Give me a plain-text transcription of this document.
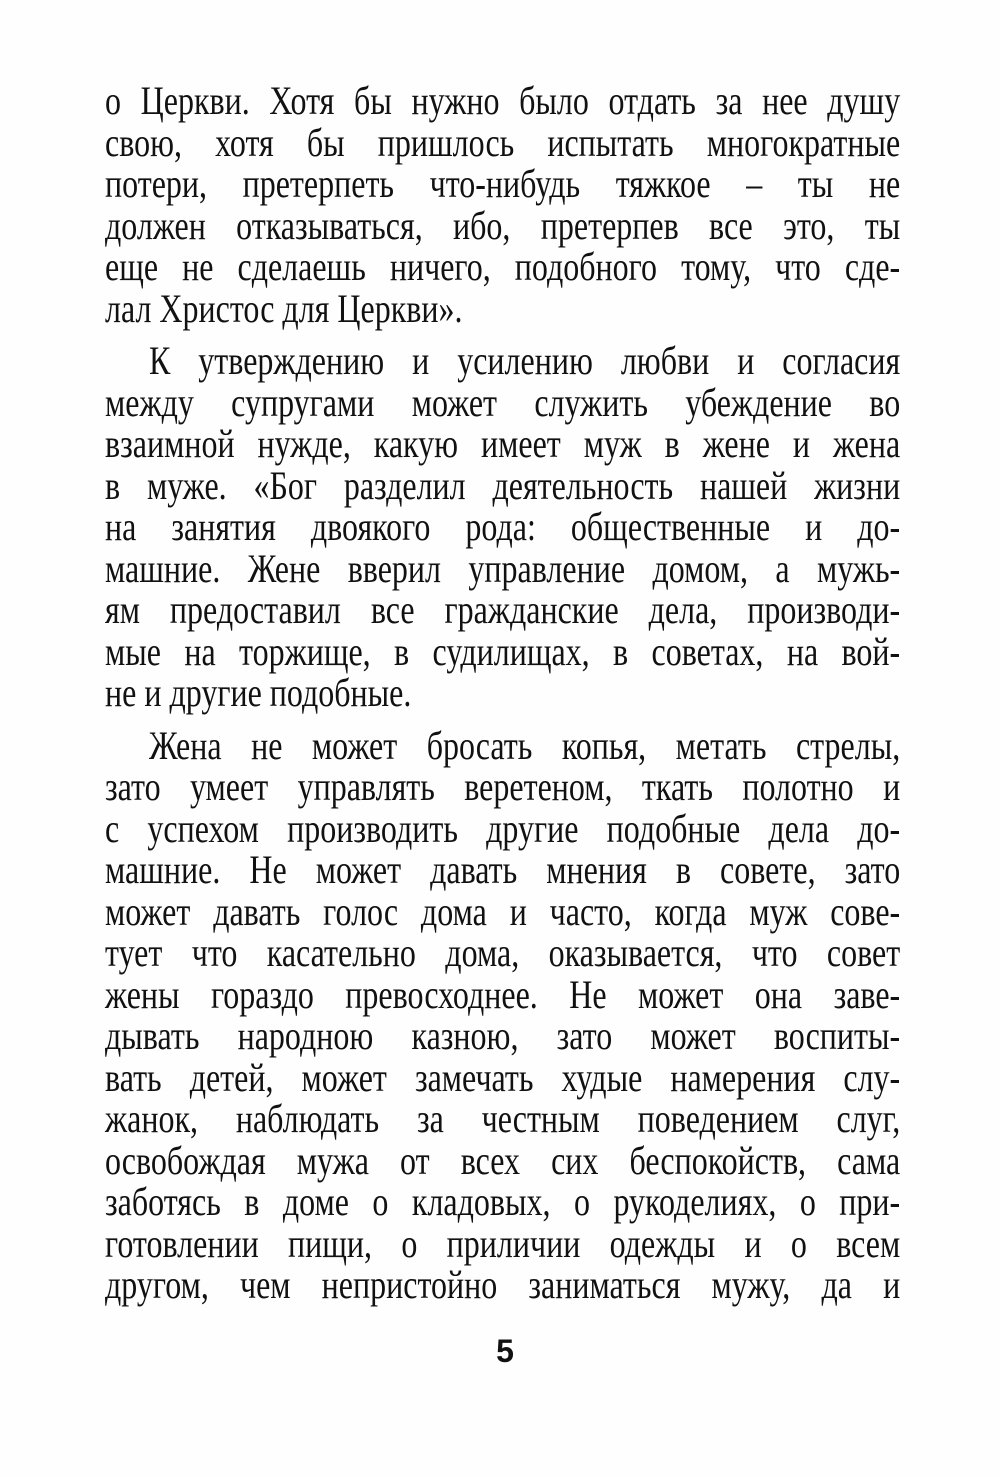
о Церкви. Хотя бы нужно было отдать за нее душу
свою, хотя бы пришлось испытать многократные
потери, претерпеть что-нибудь тяжкое – ты не
должен отказываться, ибо, претерпев все это, ты
еще не сделаешь ничего, подобного тому, что сде-
лал Христос для Церкви».
К утверждению и усилению любви и согласия
между супругами может служить убеждение во
взаимной нужде, какую имеет муж в жене и жена
в муже. «Бог разделил деятельность нашей жизни
на занятия двоякого рода: общественные и до-
машние. Жене вверил управление домом, а мужь-
ям предоставил все гражданские дела, производи-
мые на торжище, в судилищах, в советах, на вой-
не и другие подобные.
Жена не может бросать копья, метать стрелы,
зато умеет управлять веретеном, ткать полотно и
с успехом производить другие подобные дела до-
машние. Не может давать мнения в совете, зато
может давать голос дома и часто, когда муж сове-
тует что касательно дома, оказывается, что совет
жены гораздо превосходнее. Не может она заве-
дывать народною казною, зато может воспиты-
вать детей, может замечать худые намерения слу-
жанок, наблюдать за честным поведением слуг,
освобождая мужа от всех сих беспокойств, сама
заботясь в доме о кладовых, о рукоделиях, о при-
готовлении пищи, о приличии одежды и о всем
другом, чем непристойно заниматься мужу, да и
5
